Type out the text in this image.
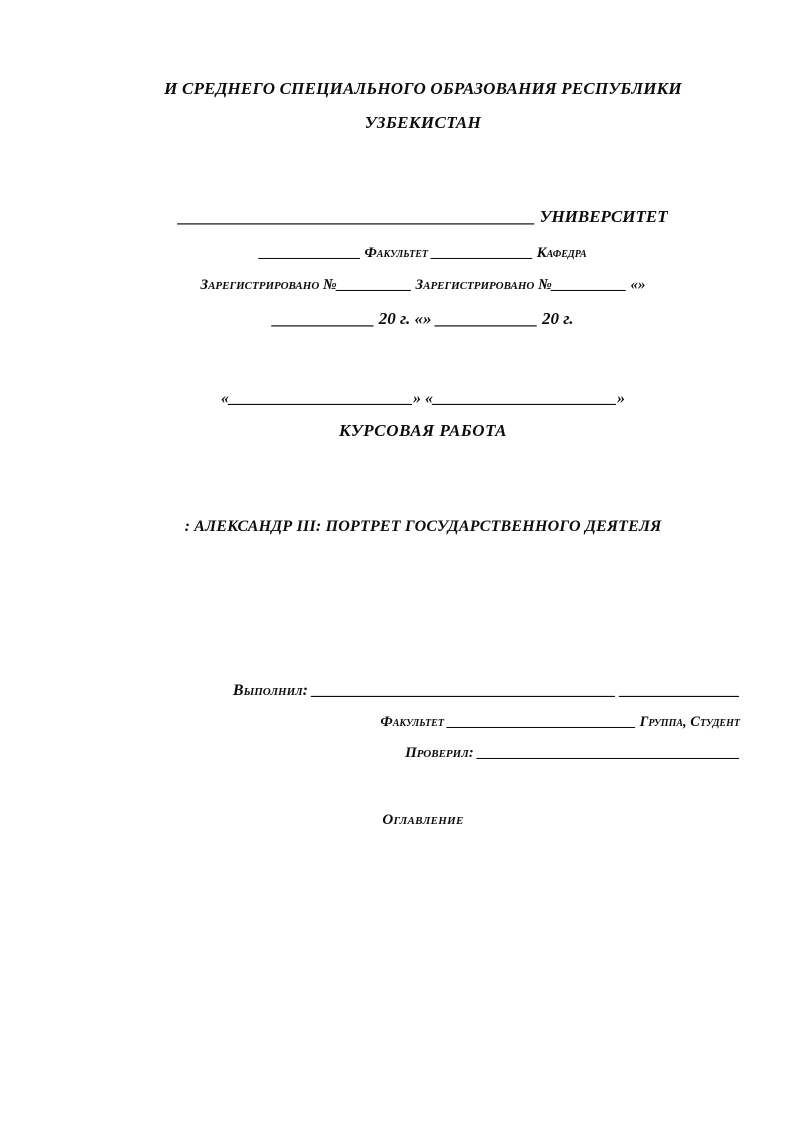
И СРЕДНЕГО СПЕЦИАЛЬНОГО ОБРАЗОВАНИЯ РЕСПУБЛИКИ

УЗБЕКИСТАН

__________________________________________ УНИВЕРСИТЕТ

______________ Факультет ______________ Кафедра

Зарегистрировано №__________ Зарегистрировано №__________ «»

____________ 20 г. «» ____________ 20 г.

«_______________________» «_______________________»

КУРСОВАЯ РАБОТА

: АЛЕКСАНДР III: ПОРТРЕТ ГОСУДАРСТВЕННОГО ДЕЯТЕЛЯ

Выполнил: ______________________________________ _______________

Факультет __________________________ Группа, Студент

Проверил: ___________________________________

Оглавление
